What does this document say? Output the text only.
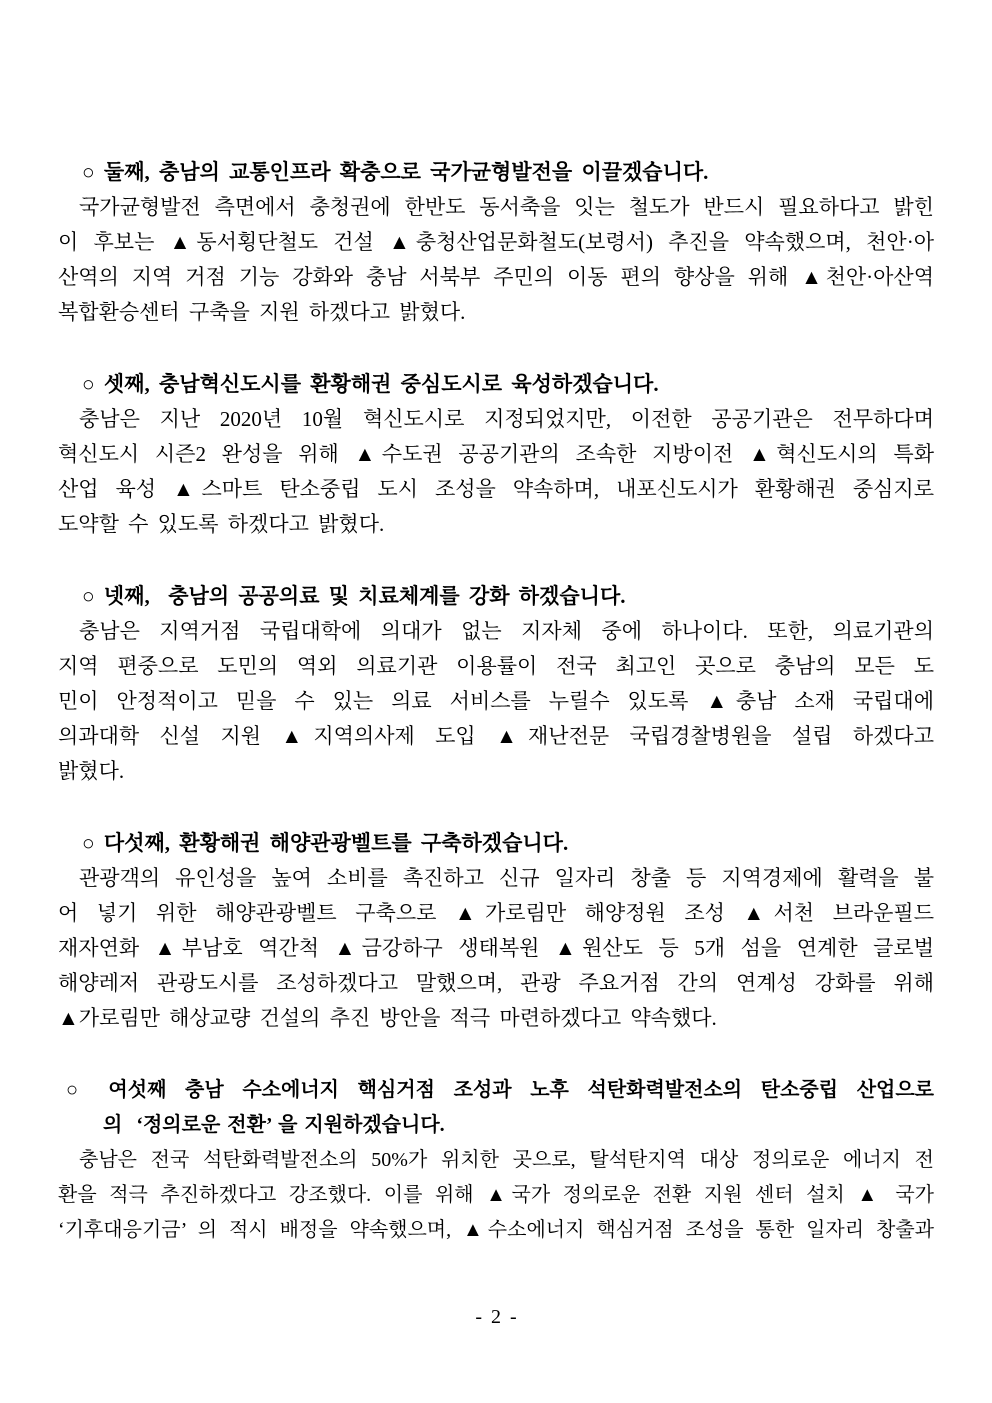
○ 둘째, 충남의 교통인프라 확충으로 국가균형발전을 이끌겠습니다.
국가균형발전 측면에서 충청권에 한반도 동서축을 잇는 철도가 반드시 필요하다고 밝힌
이 후보는 ▲동서횡단철도 건설 ▲충청산업문화철도(보령서) 추진을 약속했으며, 천안·아
산역의 지역 거점 기능 강화와 충남 서북부 주민의 이동 편의 향상을 위해 ▲천안·아산역
복합환승센터 구축을 지원 하겠다고 밝혔다.
○ 셋째, 충남혁신도시를 환황해권 중심도시로 육성하겠습니다.
충남은 지난 2020년 10월 혁신도시로 지정되었지만, 이전한 공공기관은 전무하다며
혁신도시 시즌2 완성을 위해 ▲수도권 공공기관의 조속한 지방이전 ▲혁신도시의 특화
산업 육성 ▲스마트 탄소중립 도시 조성을 약속하며, 내포신도시가 환황해권 중심지로
도약할 수 있도록 하겠다고 밝혔다.
○ 넷째,  충남의 공공의료 및 치료체계를 강화 하겠습니다.
충남은 지역거점 국립대학에 의대가 없는 지자체 중에 하나이다. 또한, 의료기관의
지역 편중으로 도민의 역외 의료기관 이용률이 전국 최고인 곳으로 충남의 모든 도
민이 안정적이고 믿을 수 있는 의료 서비스를 누릴수 있도록 ▲충남 소재 국립대에
의과대학 신설 지원 ▲지역의사제 도입 ▲재난전문 국립경찰병원을 설립 하겠다고
밝혔다.
○ 다섯째, 환황해권 해양관광벨트를 구축하겠습니다.
관광객의 유인성을 높여 소비를 촉진하고 신규 일자리 창출 등 지역경제에 활력을 불
어 넣기 위한 해양관광벨트 구축으로 ▲가로림만 해양정원 조성 ▲서천 브라운필드
재자연화 ▲부남호 역간척 ▲금강하구 생태복원 ▲원산도 등 5개 섬을 연계한 글로벌
해양레저 관광도시를 조성하겠다고 말했으며, 관광 주요거점 간의 연계성 강화를 위해
▲가로림만 해상교량 건설의 추진 방안을 적극 마련하겠다고 약속했다.
○ 여섯째 충남 수소에너지 핵심거점 조성과 노후 석탄화력발전소의 탄소중립 산업으로
의  ‘정의로운 전환’ 을 지원하겠습니다.
충남은 전국 석탄화력발전소의 50%가 위치한 곳으로, 탈석탄지역 대상 정의로운 에너지 전
환을 적극 추진하겠다고 강조했다. 이를 위해 ▲국가 정의로운 전환 지원 센터 설치 ▲ 국가
‘기후대응기금’ 의 적시 배정을 약속했으며, ▲수소에너지 핵심거점 조성을 통한 일자리 창출과
- 2 -
